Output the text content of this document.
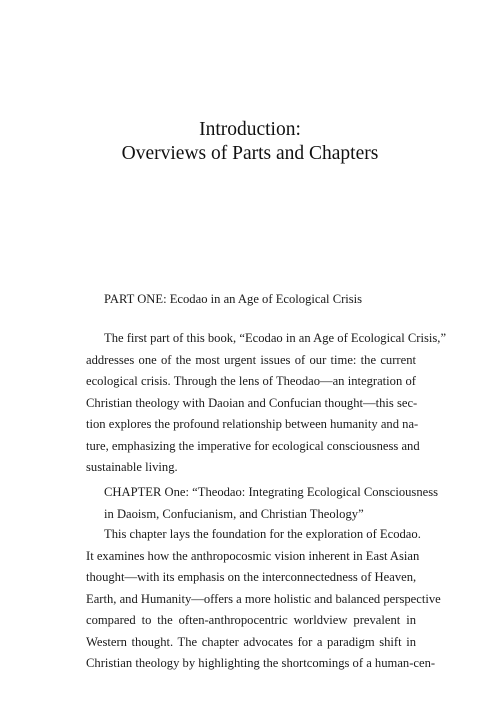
Introduction:
Overviews of Parts and Chapters
PART ONE: Ecodao in an Age of Ecological Crisis
The first part of this book, “Ecodao in an Age of Ecological Crisis,”
addresses one of the most urgent issues of our time: the current
ecological crisis. Through the lens of Theodao—an integration of
Christian theology with Daoian and Confucian thought—this sec-
tion explores the profound relationship between humanity and na-
ture, emphasizing the imperative for ecological consciousness and
sustainable living.
CHAPTER One: “Theodao: Integrating Ecological Consciousness
in Daoism, Confucianism, and Christian Theology”
This chapter lays the foundation for the exploration of Ecodao.
It examines how the anthropocosmic vision inherent in East Asian
thought—with its emphasis on the interconnectedness of Heaven,
Earth, and Humanity—offers a more holistic and balanced perspective
compared to the often-anthropocentric worldview prevalent in
Western thought. The chapter advocates for a paradigm shift in
Christian theology by highlighting the shortcomings of a human-cen-
